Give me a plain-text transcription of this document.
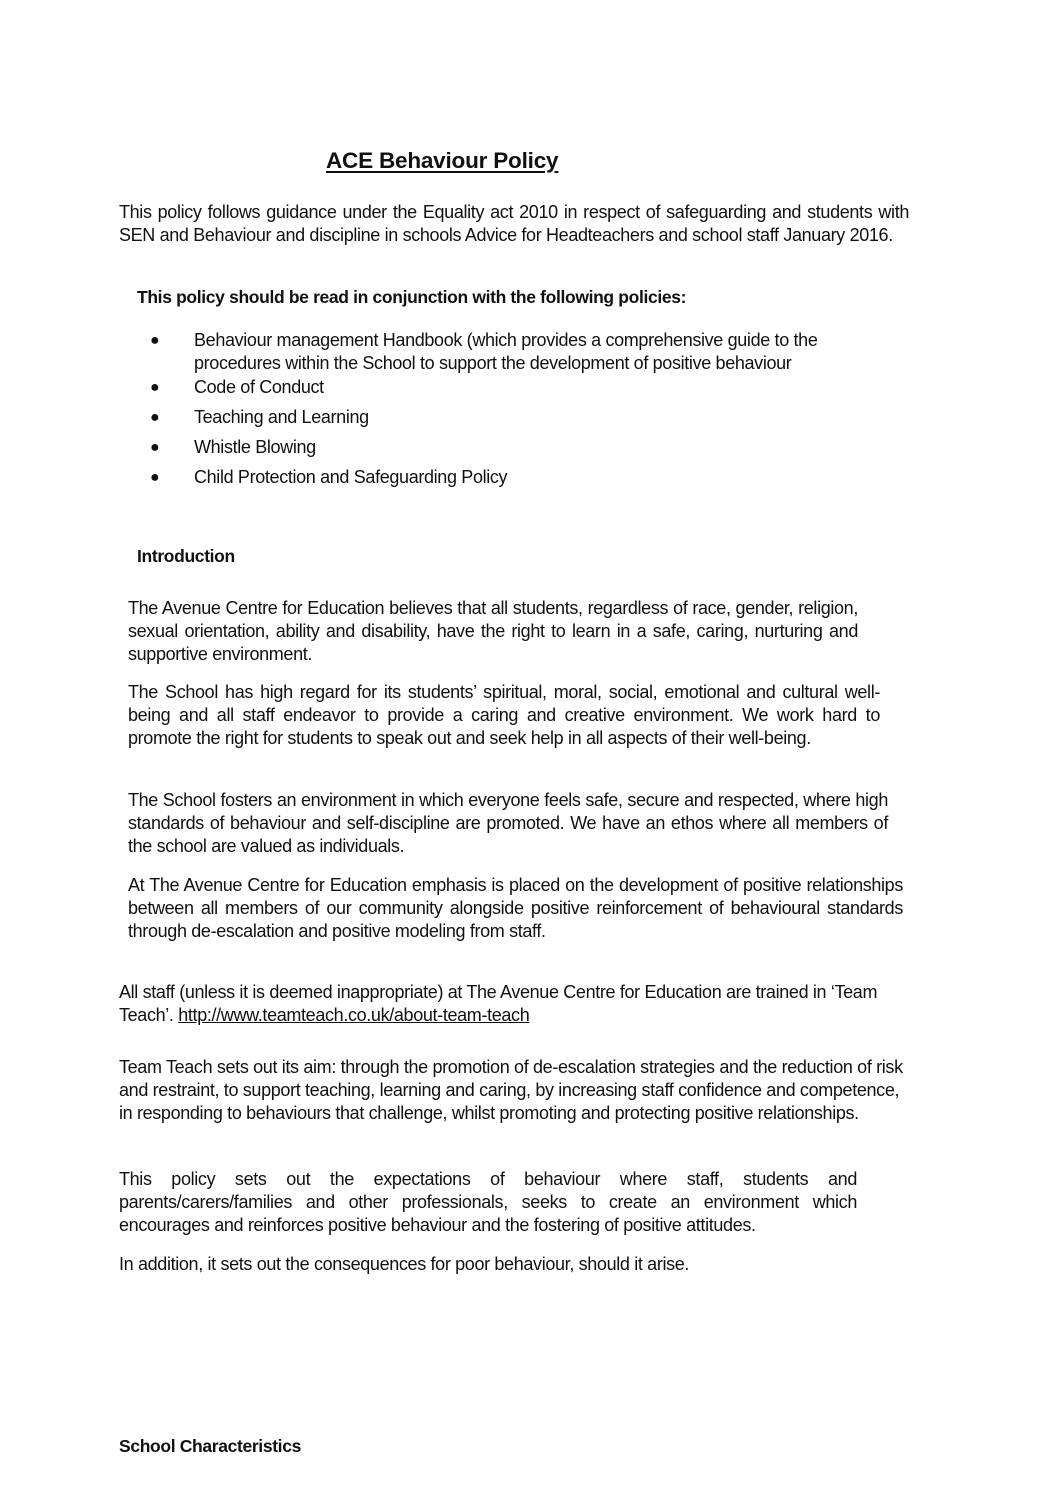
ACE Behaviour Policy
This policy follows guidance under the Equality act 2010 in respect of safeguarding and students with SEN and Behaviour and discipline in schools Advice for Headteachers and school staff January 2016.
This policy should be read in conjunction with the following policies:
● Behaviour management Handbook (which provides a comprehensive guide to the procedures within the School to support the development of positive behaviour
● Code of Conduct
● Teaching and Learning
● Whistle Blowing
● Child Protection and Safeguarding Policy
Introduction
The Avenue Centre for Education believes that all students, regardless of race, gender, religion, sexual orientation, ability and disability, have the right to learn in a safe, caring, nurturing and supportive environment.
The School has high regard for its students’ spiritual, moral, social, emotional and cultural well-being and all staff endeavor to provide a caring and creative environment. We work hard to promote the right for students to speak out and seek help in all aspects of their well-being.
The School fosters an environment in which everyone feels safe, secure and respected, where high standards of behaviour and self-discipline are promoted. We have an ethos where all members of the school are valued as individuals.
At The Avenue Centre for Education emphasis is placed on the development of positive relationships between all members of our community alongside positive reinforcement of behavioural standards through de-escalation and positive modeling from staff.
All staff (unless it is deemed inappropriate) at The Avenue Centre for Education are trained in ‘Team Teach’. http://www.teamteach.co.uk/about-team-teach
Team Teach sets out its aim: through the promotion of de-escalation strategies and the reduction of risk and restraint, to support teaching, learning and caring, by increasing staff confidence and competence, in responding to behaviours that challenge, whilst promoting and protecting positive relationships.
This policy sets out the expectations of behaviour where staff, students and parents/carers/families and other professionals, seeks to create an environment which encourages and reinforces positive behaviour and the fostering of positive attitudes.
In addition, it sets out the consequences for poor behaviour, should it arise.
School Characteristics
